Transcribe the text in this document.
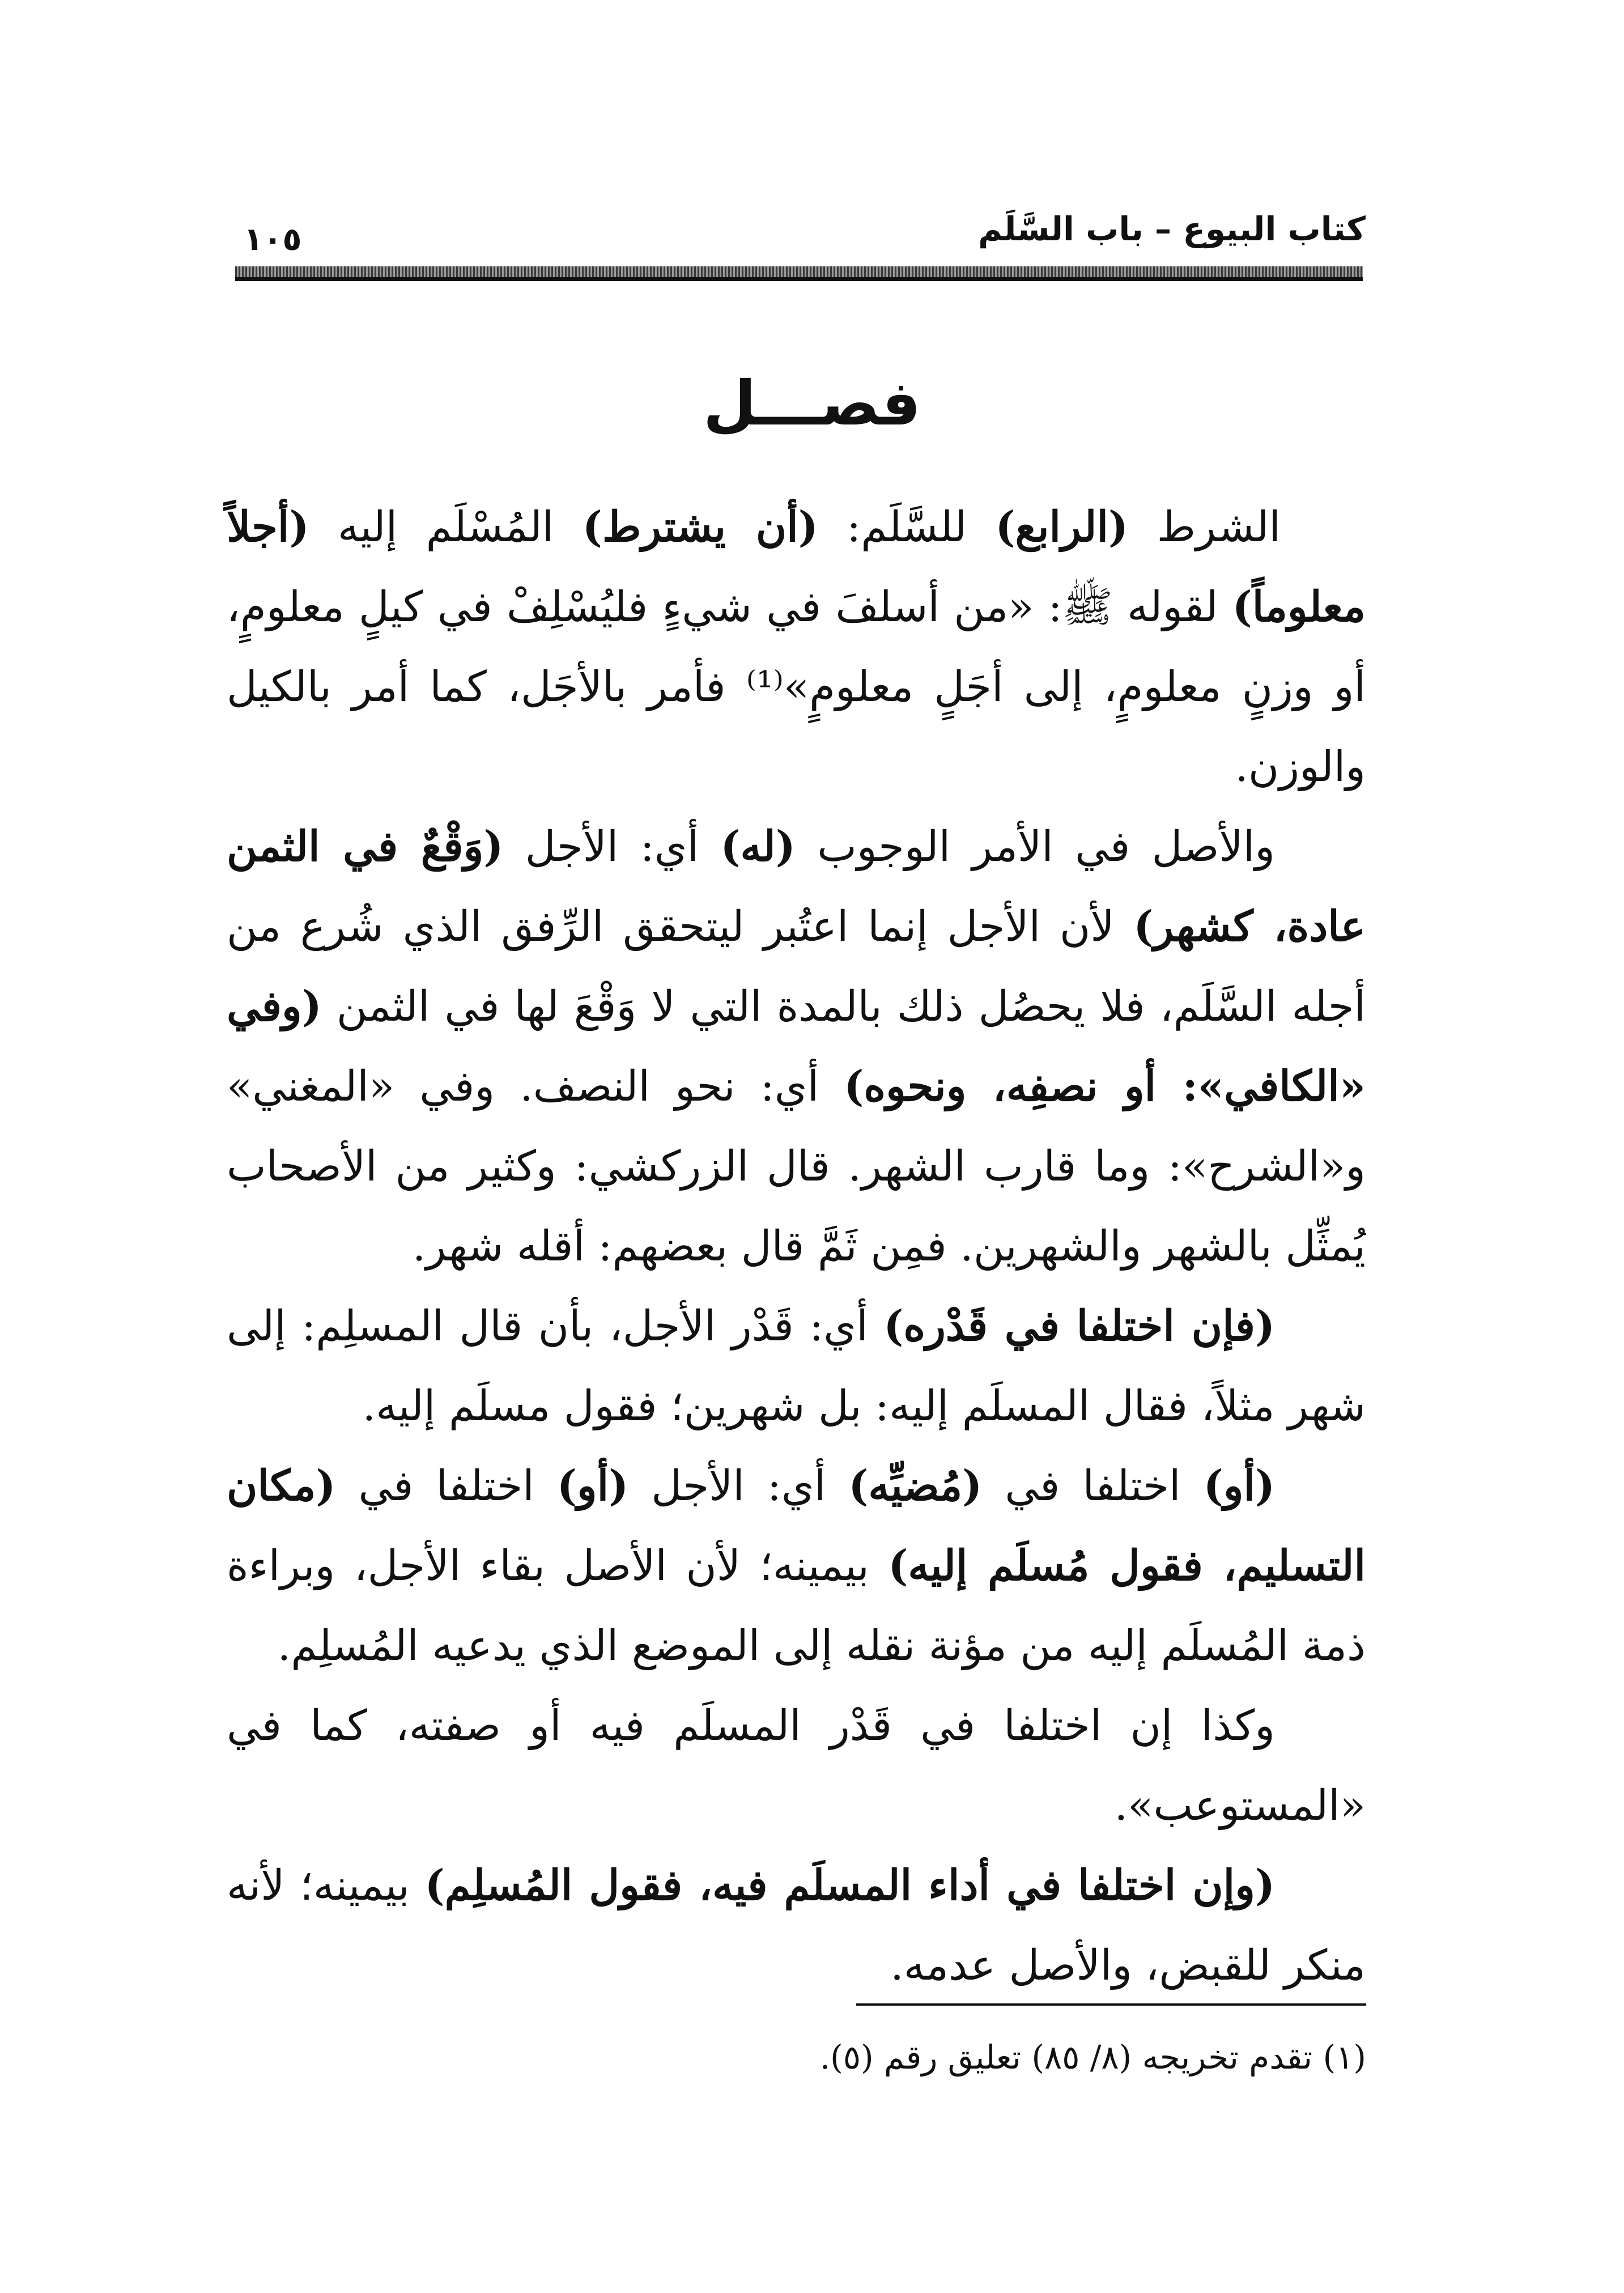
كتاب البيوع – باب السَّلَم
١٠٥
فصـــل

الشرط (الرابع) للسَّلَم: (أن يشترط) المُسْلَم إليه (أجلاً معلوماً) لقوله ﷺ: «من أسلفَ في شيءٍ فليُسْلِفْ في كيلٍ معلومٍ، أو وزنٍ معلومٍ، إلى أجَلٍ معلومٍ»⁽¹⁾ فأمر بالأجَل، كما أمر بالكيل والوزن.

والأصل في الأمر الوجوب (له) أي: الأجل (وَقْعٌ في الثمن عادة، كشهر) لأن الأجل إنما اعتُبر ليتحقق الرِّفق الذي شُرع من أجله السَّلَم، فلا يحصُل ذلك بالمدة التي لا وَقْعَ لها في الثمن (وفي «الكافي»: أو نصفِه، ونحوه) أي: نحو النصف. وفي «المغني» و«الشرح»: وما قارب الشهر. قال الزركشي: وكثير من الأصحاب يُمثِّل بالشهر والشهرين. فمِن ثَمَّ قال بعضهم: أقله شهر.

(فإن اختلفا في قَدْره) أي: قَدْر الأجل، بأن قال المسلِم: إلى شهر مثلاً، فقال المسلَم إليه: بل شهرين؛ فقول مسلَم إليه.

(أو) اختلفا في (مُضيِّه) أي: الأجل (أو) اختلفا في (مكان التسليم، فقول مُسلَم إليه) بيمينه؛ لأن الأصل بقاء الأجل، وبراءة ذمة المُسلَم إليه من مؤنة نقله إلى الموضع الذي يدعيه المُسلِم.

وكذا إن اختلفا في قَدْر المسلَم فيه أو صفته، كما في «المستوعب».

(وإن اختلفا في أداء المسلَم فيه، فقول المُسلِم) بيمينه؛ لأنه منكر للقبض، والأصل عدمه.

(١) تقدم تخريجه (٨/ ٨٥) تعليق رقم (٥).
